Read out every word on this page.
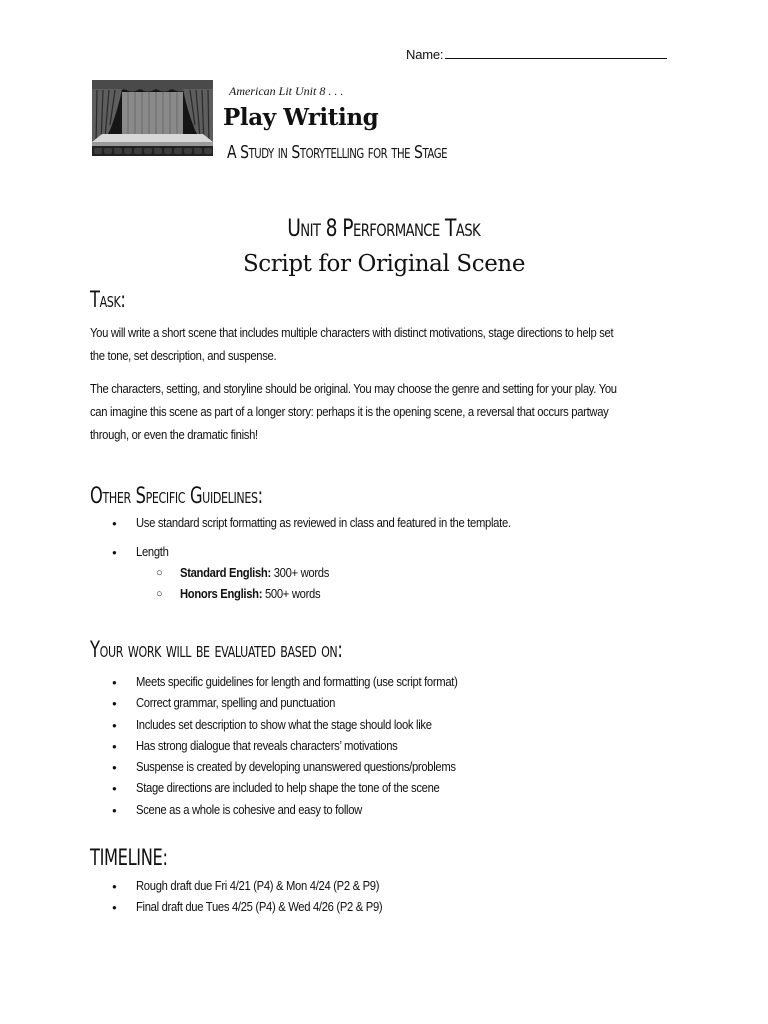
Name:
American Lit Unit 8 . . .
Play Writing
A Study in Storytelling for the Stage
Unit 8 Performance Task
Script for Original Scene
Task:
You will write a short scene that includes multiple characters with distinct motivations, stage directions to help set the tone, set description, and suspense.
The characters, setting, and storyline should be original. You may choose the genre and setting for your play. You can imagine this scene as part of a longer story: perhaps it is the opening scene, a reversal that occurs partway through, or even the dramatic finish!
Other Specific Guidelines:
● Use standard script formatting as reviewed in class and featured in the template.
● Length
○ Standard English: 300+ words
○ Honors English: 500+ words
Your work will be evaluated based on:
● Meets specific guidelines for length and formatting (use script format)
● Correct grammar, spelling and punctuation
● Includes set description to show what the stage should look like
● Has strong dialogue that reveals characters’ motivations
● Suspense is created by developing unanswered questions/problems
● Stage directions are included to help shape the tone of the scene
● Scene as a whole is cohesive and easy to follow
TIMELINE:
● Rough draft due Fri 4/21 (P4) & Mon 4/24 (P2 & P9)
● Final draft due Tues 4/25 (P4) & Wed 4/26 (P2 & P9)
